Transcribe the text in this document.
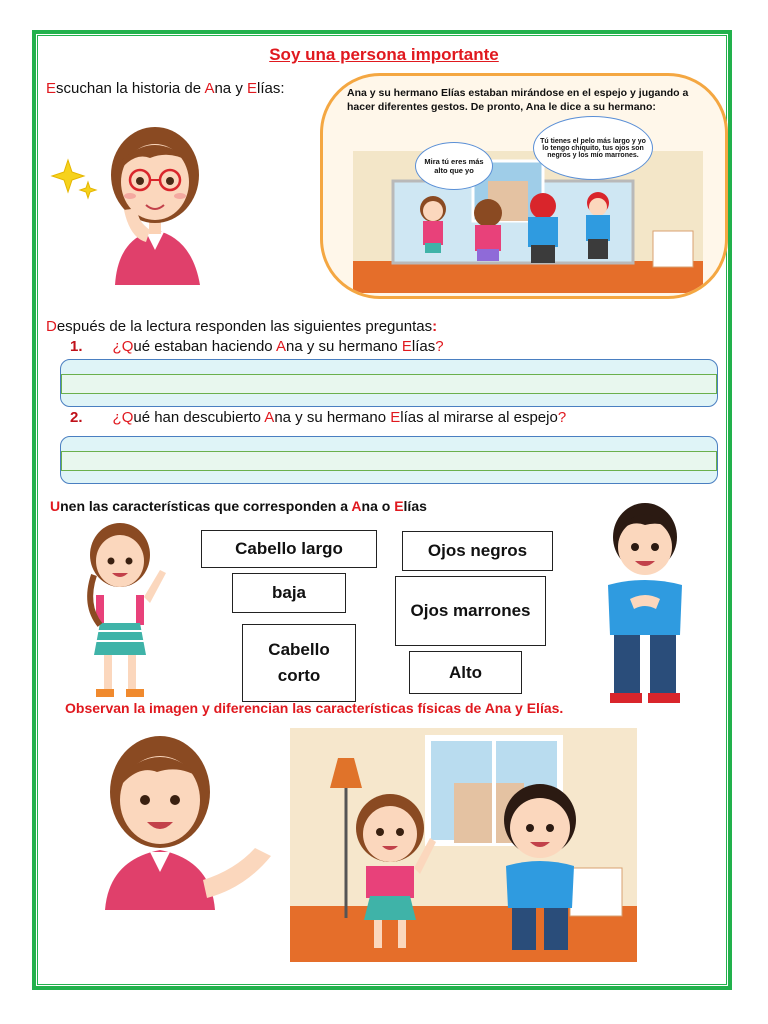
Soy una persona importante
Escuchan la historia de Ana y Elías:	Ana y su hermano Elías estaban mirándose en el espejo y jugando a hacer diferentes gestos. De pronto, Ana le dice a su hermano:
Mira tú eres más alto que yo
Tú tienes el pelo más largo y yo lo tengo chiquito, tus ojos son negros y los mío marrones.
Después de la lectura responden las siguientes preguntas:
1. ¿Qué estaban haciendo Ana y su hermano Elías?
2. ¿Qué han descubierto Ana y su hermano Elías al mirarse al espejo?
Unen las características que corresponden a Ana o Elías
Cabello largo	Ojos negros
baja
Ojos marrones
Cabello corto	Alto
Observan la imagen y diferencian las características físicas de Ana y Elías.
